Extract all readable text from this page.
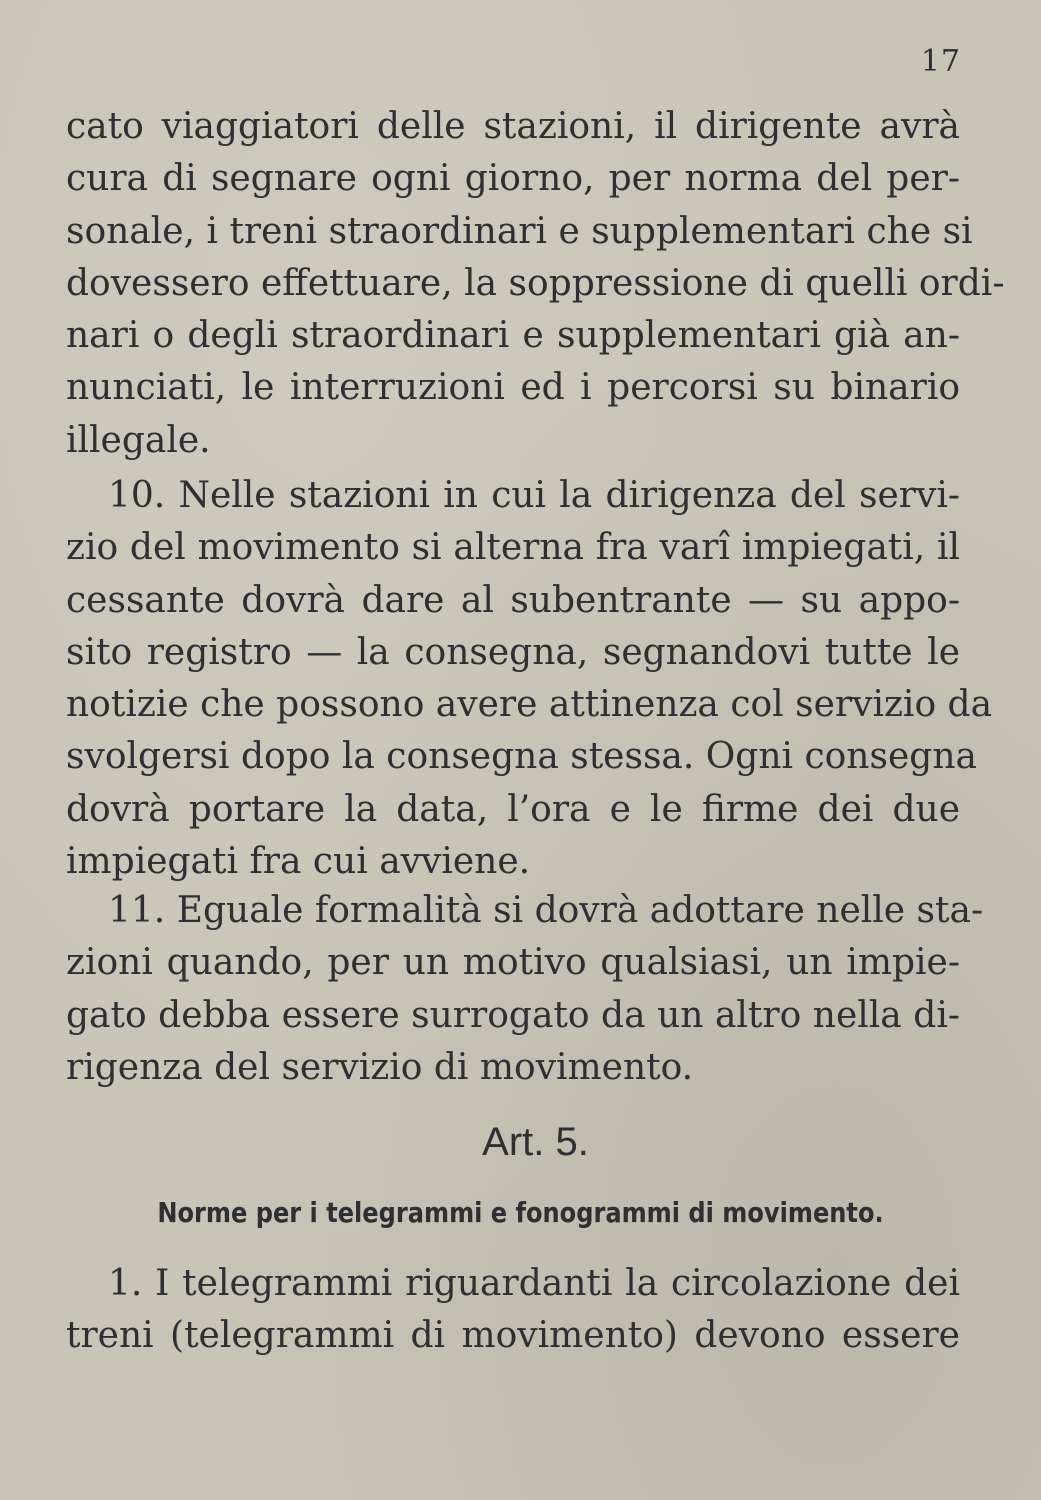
17
cato viaggiatori delle stazioni, il dirigente avrà
cura di segnare ogni giorno, per norma del per-
sonale, i treni straordinari e supplementari che si
dovessero effettuare, la soppressione di quelli ordi-
nari o degli straordinari e supplementari già an-
nunciati, le interruzioni ed i percorsi su binario
illegale.
10. Nelle stazioni in cui la dirigenza del servi-
zio del movimento si alterna fra varî impiegati, il
cessante dovrà dare al subentrante — su appo-
sito registro — la consegna, segnandovi tutte le
notizie che possono avere attinenza col servizio da
svolgersi dopo la consegna stessa. Ogni consegna
dovrà portare la data, l’ora e le firme dei due
impiegati fra cui avviene.
11. Eguale formalità si dovrà adottare nelle sta-
zioni quando, per un motivo qualsiasi, un impie-
gato debba essere surrogato da un altro nella di-
rigenza del servizio di movimento.
Art. 5.
Norme per i telegrammi e fonogrammi di movimento.
1. I telegrammi riguardanti la circolazione dei
treni (telegrammi di movimento) devono essere
